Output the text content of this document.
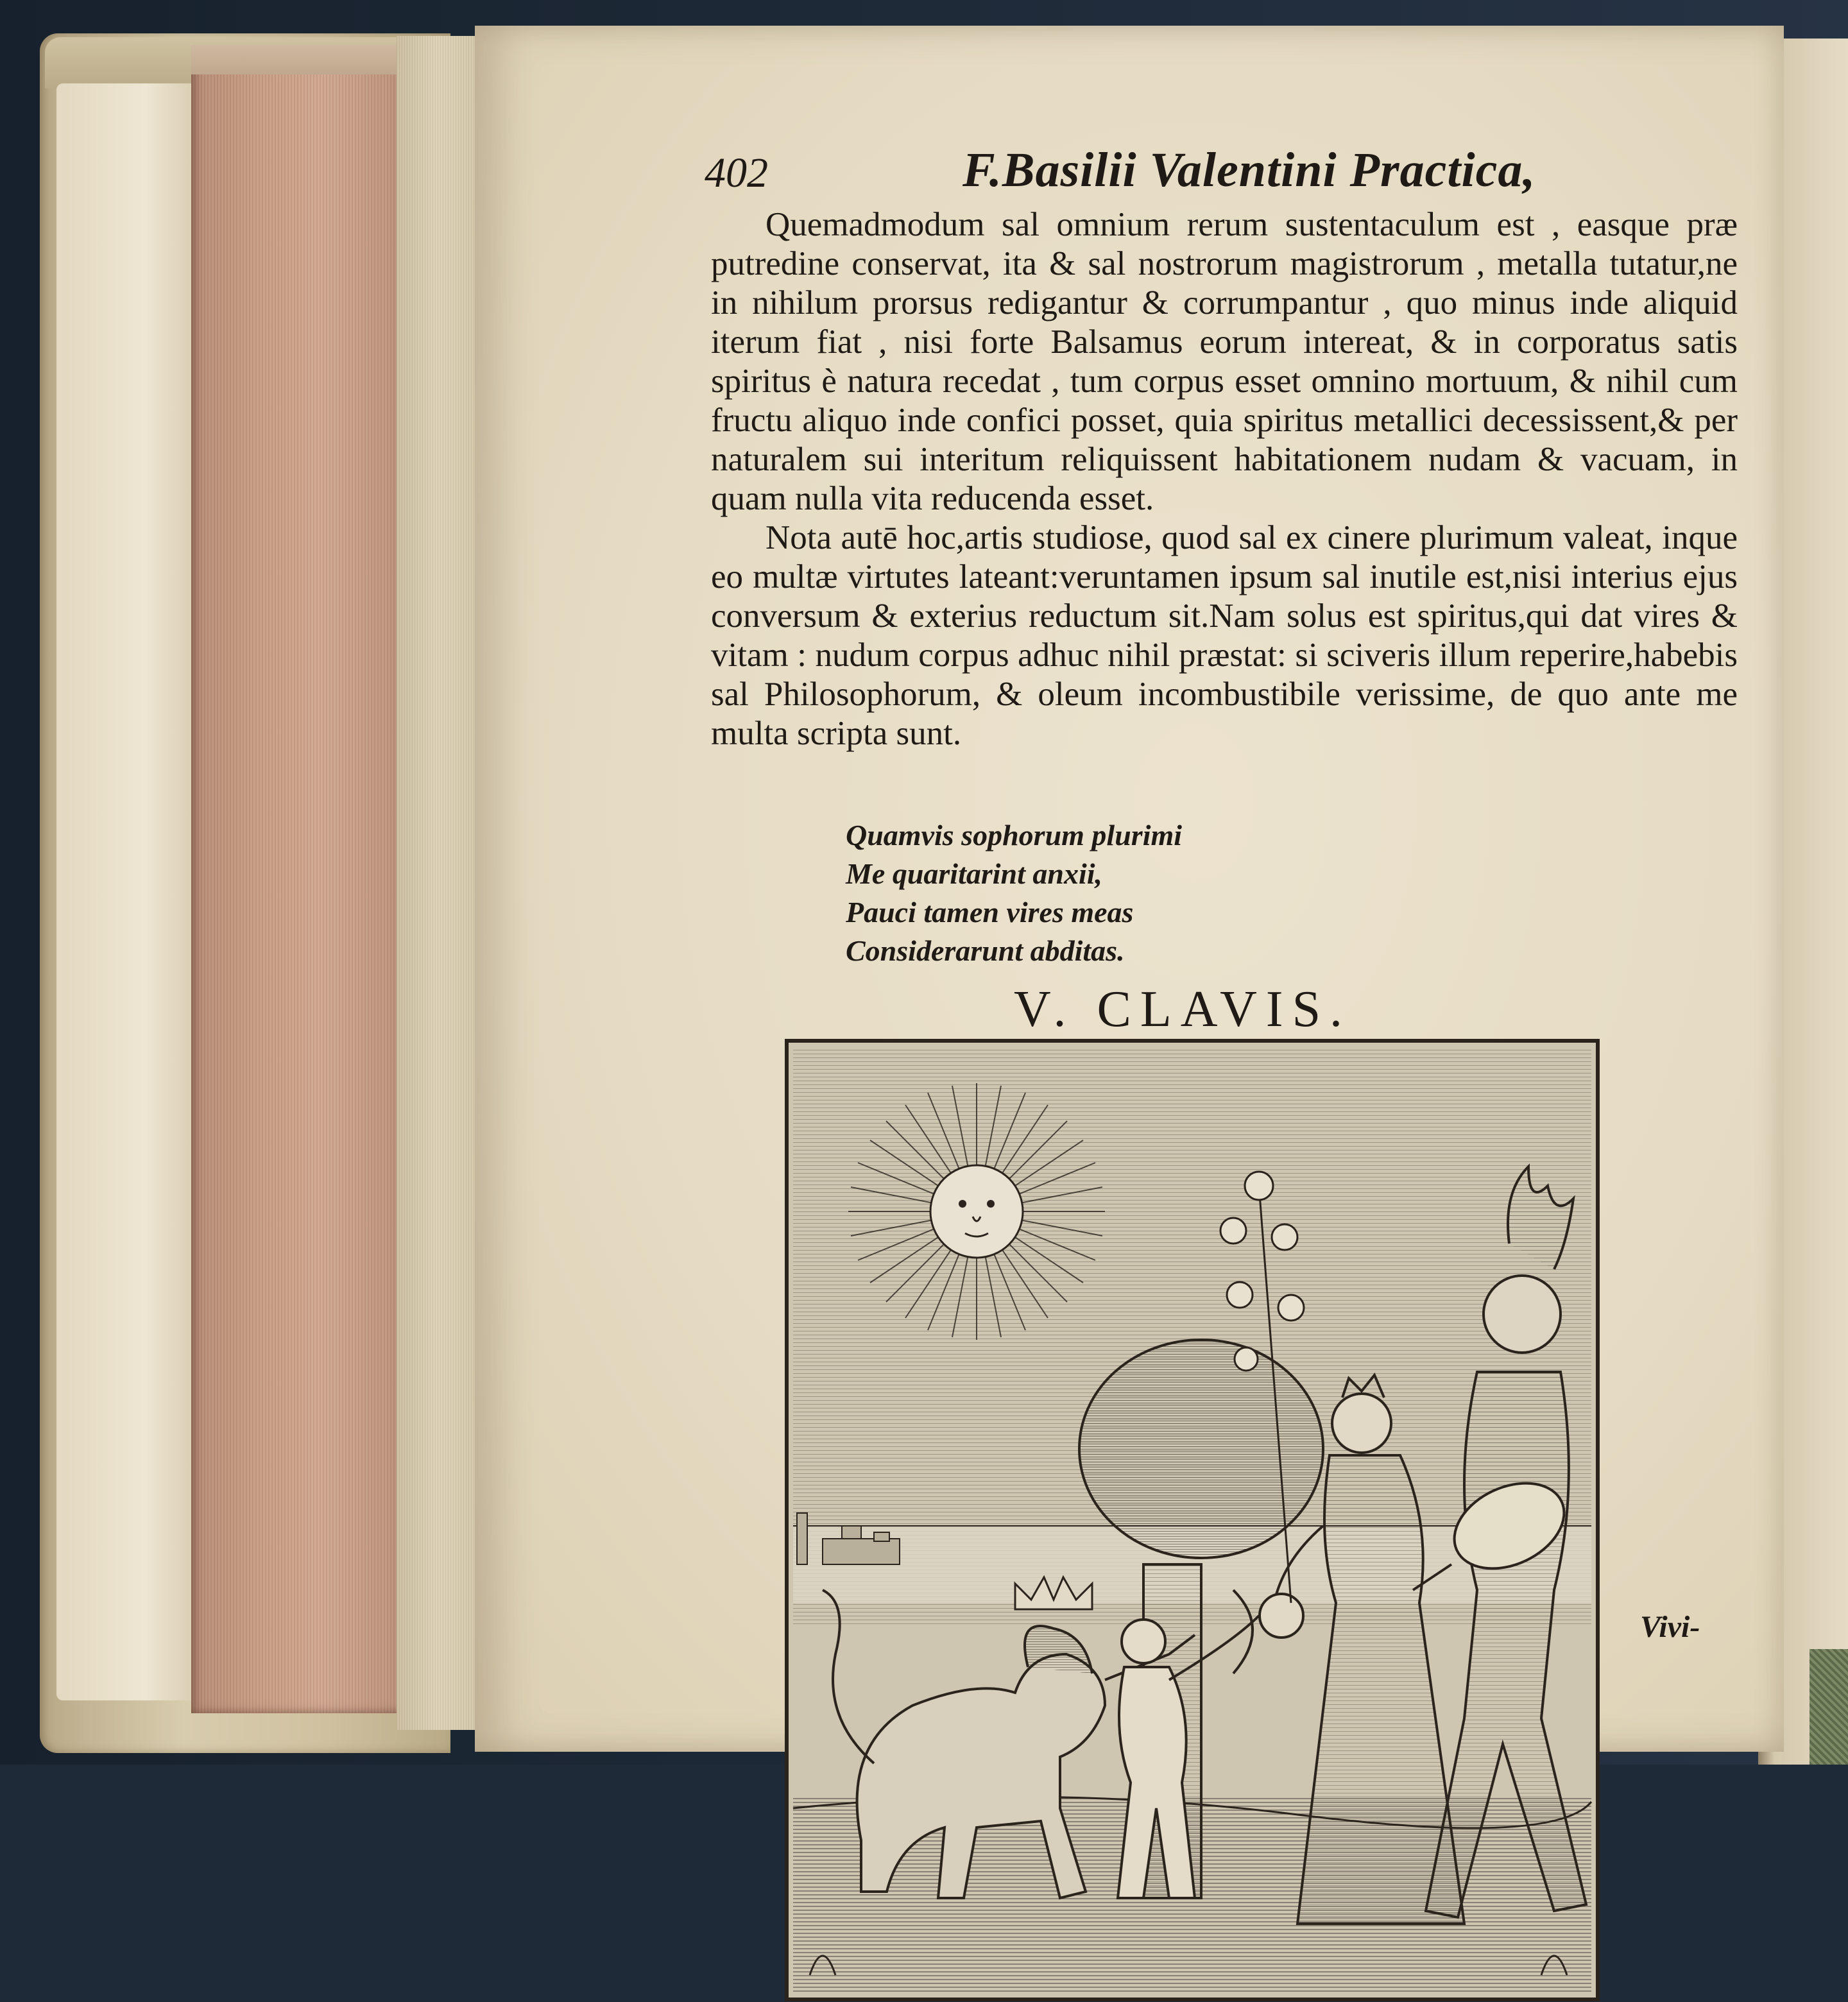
402	F.Basilii Valentini Practica,

Quemadmodum sal omnium rerum sustentaculum est , easque præ putredine conservat, ita & sal nostrorum magistrorum , metalla tutatur,ne in nihilum prorsus redigantur & corrumpantur , quo minus inde aliquid iterum fiat , nisi forte Balsamus eorum intereat, & in corporatus satis spiritus è natura recedat , tum corpus esset omnino mortuum, & nihil cum fructu aliquo inde confici posset, quia spiritus metallici decessissent,& per naturalem sui interitum reliquissent habitationem nudam & vacuam, in quam nulla vita reducenda esset.

Nota autē hoc,artis studiose, quod sal ex cinere plurimum valeat, inque eo multæ virtutes lateant:veruntamen ipsum sal inutile est,nisi interius ejus conversum & exterius reductum sit.Nam solus est spiritus,qui dat vires & vitam : nudum corpus adhuc nihil præstat: si sciveris illum reperire,habebis sal Philosophorum, & oleum incombustibile verissime, de quo ante me multa scripta sunt.

Quamvis sophorum plurimi
Me quaritarint anxii,
Pauci tamen vires meas
Considerarunt abditas.
V. CLAVIS.
Vivi-
